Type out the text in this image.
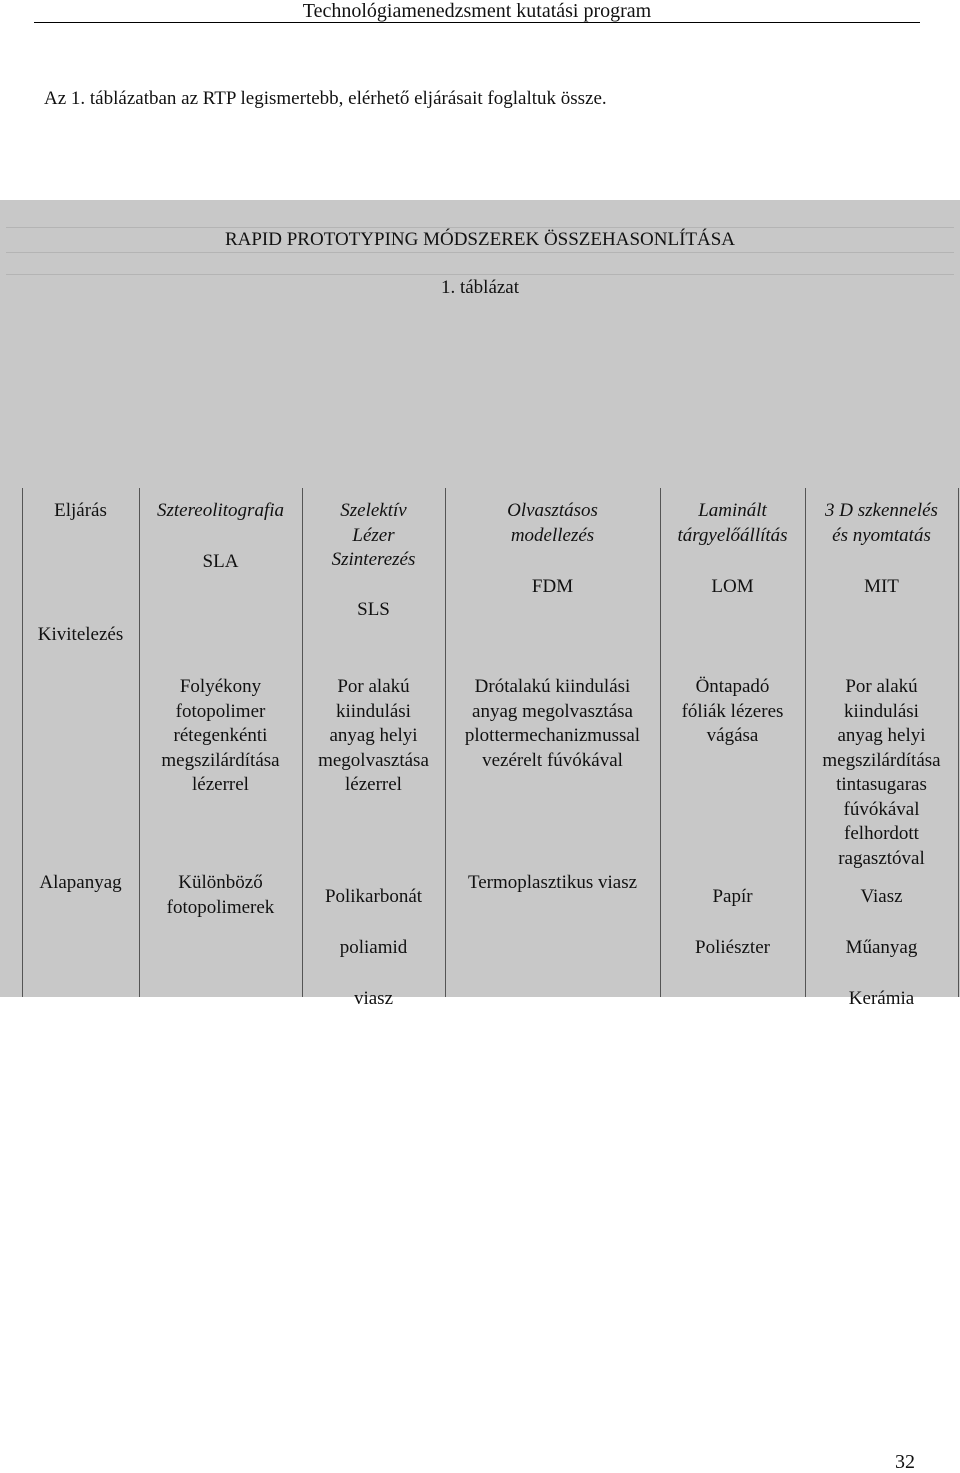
Technológiamenedzsment kutatási program
Az 1. táblázatban az RTP legismertebb, elérhető eljárásait foglaltuk össze.
RAPID PROTOTYPING MÓDSZEREK ÖSSZEHASONLÍTÁSA
1. táblázat
Eljárás
Kivitelezés
Alapanyag
Sztereolitografia
SLA
Folyékony
fotopolimer
rétegenkénti
megszilárdítása
lézerrel
Különböző
fotopolimerek
Szelektív
Lézer
Szinterezés
SLS
Por alakú
kiindulási
anyag helyi
megolvasztása
lézerrel
Polikarbonát
poliamid
viasz
Olvasztásos
modellezés
FDM
Drótalakú kiindulási
anyag megolvasztása
plottermechanizmussal
vezérelt fúvókával
Termoplasztikus viasz
Laminált
tárgyelőállítás
LOM
Öntapadó
fóliák lézeres
vágása
Papír
Poliészter
3 D szkennelés
és nyomtatás
MIT
Por alakú
kiindulási
anyag helyi
megszilárdítása
tintasugaras
fúvókával
felhordott
ragasztóval
Viasz
Műanyag
Kerámia
32
